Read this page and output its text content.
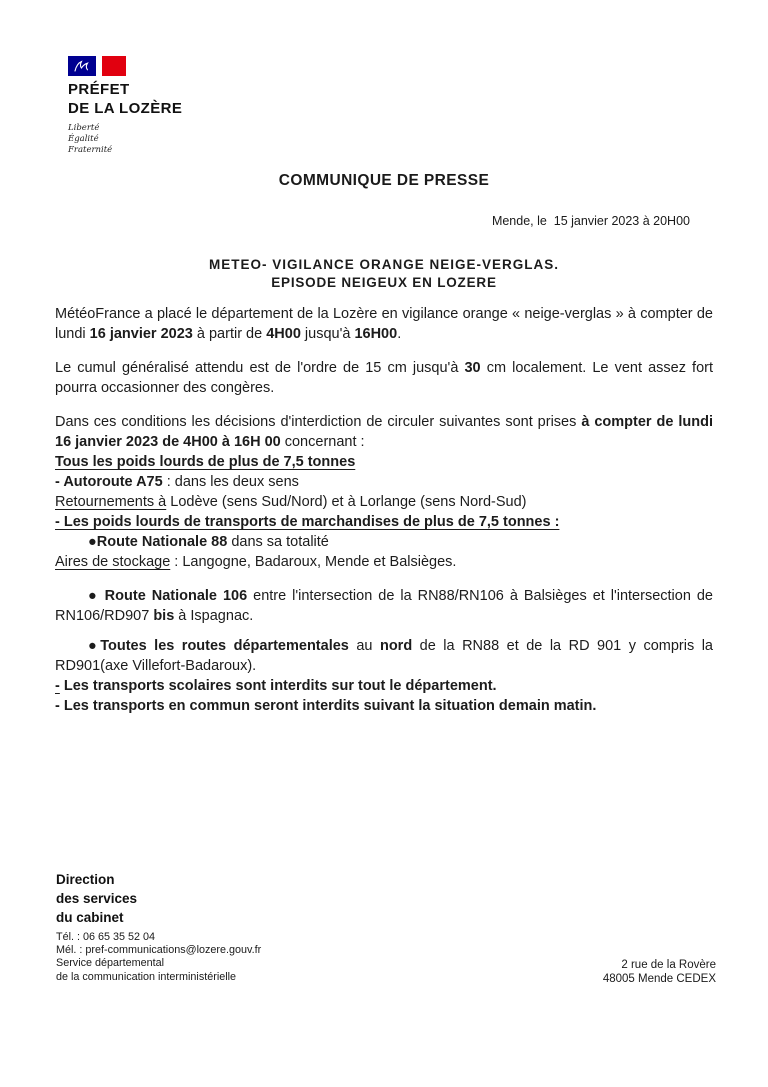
PRÉFET
DE LA LOZÈRE
Liberté
Égalité
Fraternité
COMMUNIQUE DE PRESSE
Mende, le  15 janvier 2023 à 20H00
METEO- VIGILANCE ORANGE NEIGE-VERGLAS.
EPISODE NEIGEUX EN LOZERE

MétéoFrance a placé le département de la Lozère en vigilance orange « neige-verglas » à compter de lundi 16 janvier 2023 à partir de 4H00 jusqu'à 16H00.

Le cumul généralisé attendu est de l'ordre de 15 cm jusqu'à 30 cm localement. Le vent assez fort pourra occasionner des congères.

Dans ces conditions les décisions d'interdiction de circuler suivantes sont prises à compter de lundi 16 janvier 2023 de 4H00 à 16H 00 concernant :

Tous les poids lourds de plus de 7,5 tonnes
- Autoroute A75 : dans les deux sens
Retournements à Lodève (sens Sud/Nord) et à Lorlange (sens Nord-Sud)
- Les poids lourds de transports de marchandises de plus de 7,5 tonnes :
●Route Nationale 88 dans sa totalité
Aires de stockage : Langogne, Badaroux, Mende et Balsièges.

● Route Nationale 106 entre l'intersection de la RN88/RN106 à Balsièges et l'intersection de RN106/RD907 bis à Ispagnac.

●Toutes les routes départementales au nord de la RN88 et de la RD 901 y compris la RD901(axe Villefort-Badaroux).

- Les transports scolaires sont interdits sur tout le département.
- Les transports en commun seront interdits suivant la situation demain matin.
Direction
des services
du cabinet
Tél. : 06 65 35 52 04
Mél. : pref-communications@lozere.gouv.fr
Service départemental
de la communication interministérielle
2 rue de la Rovère
48005 Mende CEDEX
